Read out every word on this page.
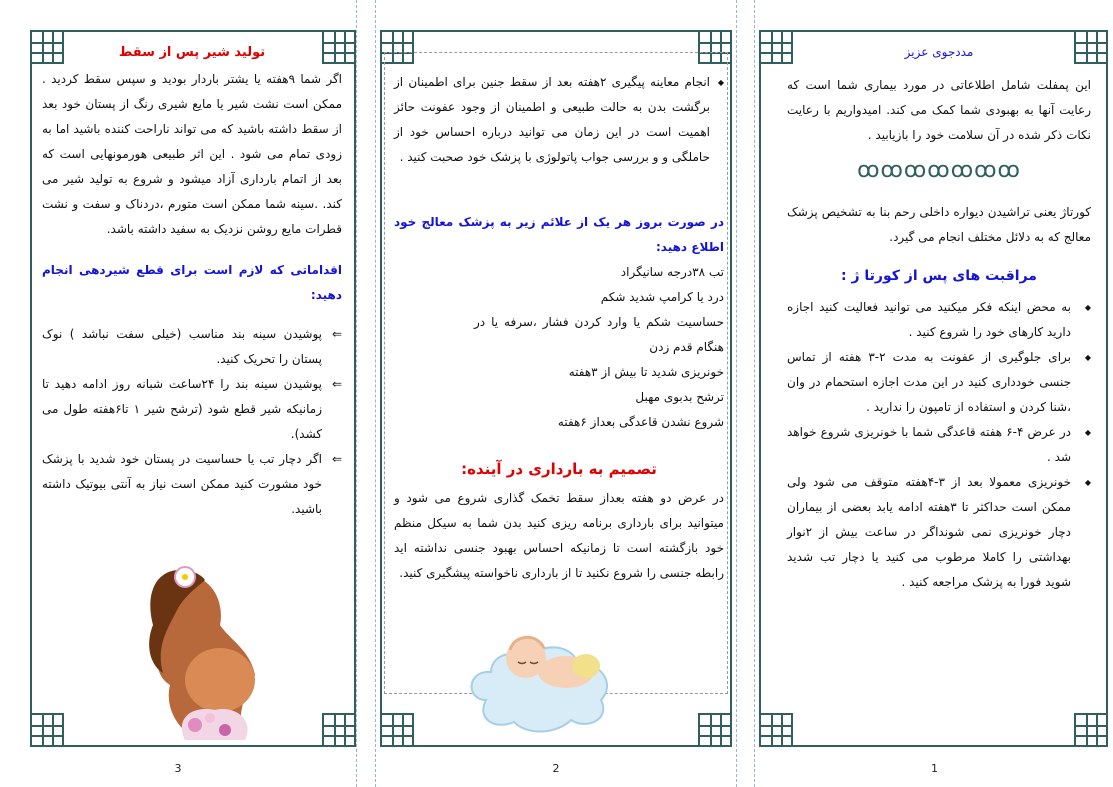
تولید شیر پس از سقط
اگر شما ۹هفته یا یشتر باردار بودید و سپس سقط کردید . ممکن است نشت شیر یا مایع شیری رنگ از پستان خود بعد از سقط داشته باشید که می تواند ناراحت کننده باشید اما به زودی تمام می شود . این اثر طبیعی هورمونهایی است که بعد از اتمام بارداری آزاد میشود و شروع به تولید شیر می کند. .سینه شما ممکن است متورم ،دردناک و سفت و نشت قطرات مایع روشن نزدیک به سفید داشته باشد.
اقداماتی که لازم است برای قطع شیردهی انجام دهید:
⇐
پوشیدن سینه بند مناسب (خیلی سفت نباشد ) نوک پستان را تحریک کنید.
⇐
پوشیدن سینه بند را ۲۴ساعت شبانه روز ادامه دهید تا زمانیکه شیر قطع شود (ترشح شیر ۱ تا۶هفته طول می کشد).
⇐
اگر دچار تب یا حساسیت در پستان خود شدید با پزشک خود مشورت کنید ممکن است نیاز به آنتی بیوتیک داشته باشید.
3
◆
انجام معاینه پیگیری ۲هفته بعد از سقط جنین برای اطمینان از برگشت بدن به حالت طبیعی و اطمینان از وجود عفونت حائز اهمیت است در این زمان می توانید درباره احساس خود از حاملگی و و بررسی جواب پاتولوژی با پزشک خود صحبت کنید .
در صورت بروز هر یک از علائم زیر به پزشک معالج خود اطلاع دهید:
تب ۳۸درجه سانیگراد
درد یا کرامپ شدید شکم
حساسیت شکم یا وارد کردن فشار ،سرفه یا در هنگام قدم زدن
خونریزی شدید تا بیش از ۳هفته
ترشح بدبوی مهبل
شروع نشدن قاعدگی بعداز ۶هفته
تصمیم به بارداری در آینده:
در عرض دو هفته بعداز سقط تخمک گذاری شروع می شود و میتوانید برای بارداری برنامه ریزی کنید بدن شما به سیکل منظم خود بازگشته است تا زمانیکه احساس بهبود جنسی نداشته اید رابطه جنسی را شروع نکنید تا از بارداری ناخواسته پیشگیری کنید.
2
مددجوی عزیز
این پمفلت شامل اطلاعاتی در مورد بیماری شما است که رعایت آنها به بهبودی شما کمک می کند. امیدواریم با رعایت نکات ذکر شده در آن سلامت خود را بازیابید .
ꝏꝏꝏꝏꝏꝏꝏ
کورتاژ یعنی تراشیدن دیواره داخلی رحم بنا به تشخیص پزشک معالج که به دلائل مختلف انجام می گیرد.
مراقبت های پس از کورتا ژ :
◆
به محض اینکه فکر میکنید می توانید فعالیت کنید اجازه دارید کارهای خود را شروع کنید .
◆
برای جلوگیری از عفونت به مدت ۲-۳ هفته از تماس جنسی خودداری کنید در این مدت اجازه استحمام در وان ،شنا کردن و استفاده از تامپون را ندارید .
◆
در عرض ۴-۶ هفته قاعدگی شما با خونریزی شروع خواهد شد .
◆
خونریزی معمولا بعد از ۳-۴هفته متوقف می شود ولی ممکن است حداکثر تا ۳هفته ادامه یابد بعضی از بیماران دچار خونریزی نمی شوندا‌گر در ساعت بیش از ۲نوار بهداشتی را کاملا مرطوب می کنید یا دچار تب شدید شوید فورا به پزشک مراجعه کنید .
1
